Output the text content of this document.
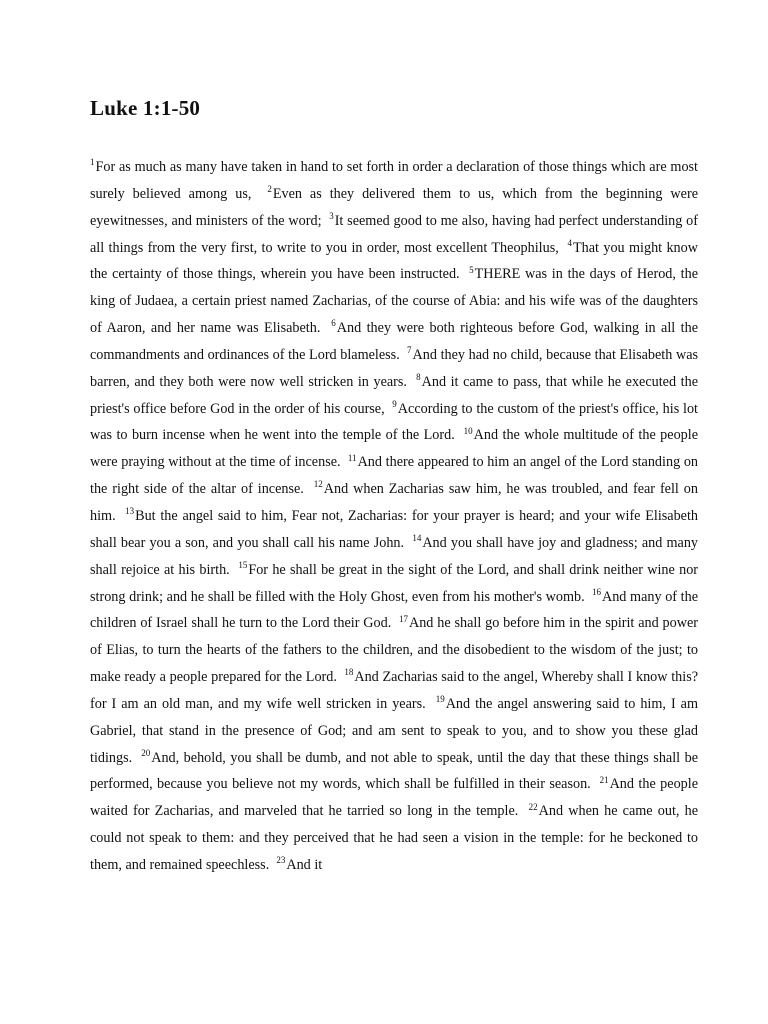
Luke 1:1-50

$^1$For as much as many have taken in hand to set forth in order a declaration of those things which are most surely believed among us, $^2$Even as they delivered them to us, which from the beginning were eyewitnesses, and ministers of the word; $^3$It seemed good to me also, having had perfect understanding of all things from the very first, to write to you in order, most excellent Theophilus, $^4$That you might know the certainty of those things, wherein you have been instructed. $^5$THERE was in the days of Herod, the king of Judaea, a certain priest named Zacharias, of the course of Abia: and his wife was of the daughters of Aaron, and her name was Elisabeth. $^6$And they were both righteous before God, walking in all the commandments and ordinances of the Lord blameless. $^7$And they had no child, because that Elisabeth was barren, and they both were now well stricken in years. $^8$And it came to pass, that while he executed the priest's office before God in the order of his course, $^9$According to the custom of the priest's office, his lot was to burn incense when he went into the temple of the Lord. $^{10}$And the whole multitude of the people were praying without at the time of incense. $^{11}$And there appeared to him an angel of the Lord standing on the right side of the altar of incense. $^{12}$And when Zacharias saw him, he was troubled, and fear fell on him. $^{13}$But the angel said to him, Fear not, Zacharias: for your prayer is heard; and your wife Elisabeth shall bear you a son, and you shall call his name John. $^{14}$And you shall have joy and gladness; and many shall rejoice at his birth. $^{15}$For he shall be great in the sight of the Lord, and shall drink neither wine nor strong drink; and he shall be filled with the Holy Ghost, even from his mother's womb. $^{16}$And many of the children of Israel shall he turn to the Lord their God. $^{17}$And he shall go before him in the spirit and power of Elias, to turn the hearts of the fathers to the children, and the disobedient to the wisdom of the just; to make ready a people prepared for the Lord. $^{18}$And Zacharias said to the angel, Whereby shall I know this? for I am an old man, and my wife well stricken in years. $^{19}$And the angel answering said to him, I am Gabriel, that stand in the presence of God; and am sent to speak to you, and to show you these glad tidings. $^{20}$And, behold, you shall be dumb, and not able to speak, until the day that these things shall be performed, because you believe not my words, which shall be fulfilled in their season. $^{21}$And the people waited for Zacharias, and marveled that he tarried so long in the temple. $^{22}$And when he came out, he could not speak to them: and they perceived that he had seen a vision in the temple: for he beckoned to them, and remained speechless. $^{23}$And it
